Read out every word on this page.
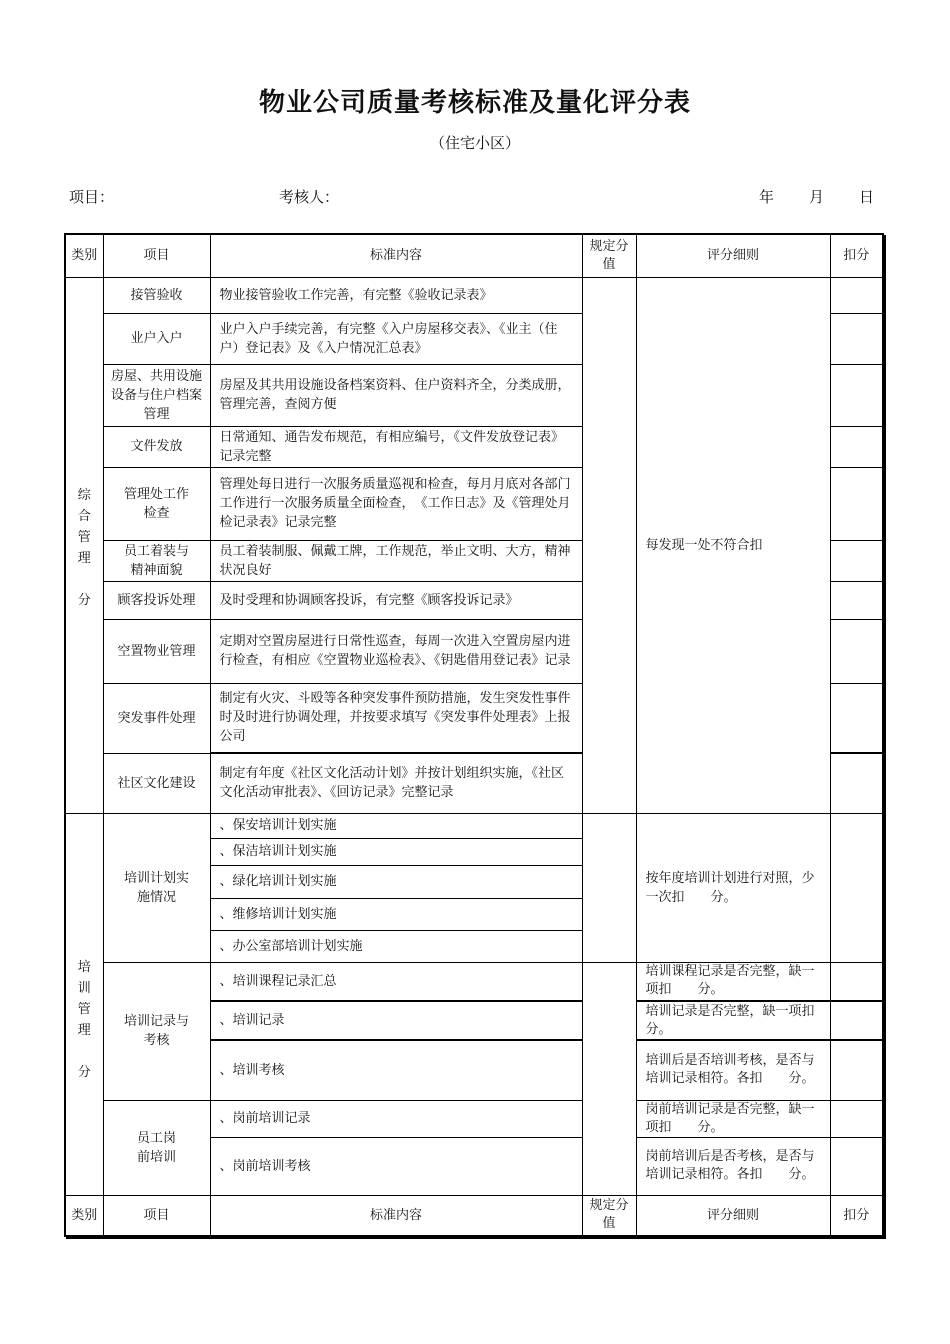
物业公司质量考核标准及量化评分表
（住宅小区）
项目：	考核人：	年 月 日
类别	项目	标准内容	规定分值	评分细则	扣分

综
合
管
理

分	接管验收	物业接管验收工作完善，有完整《验收记录表》		每发现一处不符合扣	
	业户入户	业户入户手续完善，有完整《入户房屋移交表》、《业主（住户）登记表》及《入户情况汇总表》			
	房屋、共用设施设备与住户档案管理	房屋及其共用设施设备档案资料、住户资料齐全，分类成册，管理完善，查阅方便			
	文件发放	日常通知、通告发布规范，有相应编号，《文件发放登记表》记录完整			
	管理处工作检查	管理处每日进行一次服务质量巡视和检查，每月月底对各部门工作进行一次服务质量全面检查，　《工作日志》及《管理处月检记录表》记录完整			
	员工着装与精神面貌	员工着装制服、佩戴工牌，工作规范，举止文明、大方，精神状况良好			
	顾客投诉处理	及时受理和协调顾客投诉，有完整《顾客投诉记录》			
	空置物业管理	定期对空置房屋进行日常性巡查，每周一次进入空置房屋内进行检查，有相应《空置物业巡检表》、《钥匙借用登记表》记录			
	突发事件处理	制定有火灾、斗殴等各种突发事件预防措施，发生突发性事件时及时进行协调处理，并按要求填写《突发事件处理表》上报公司			
	社区文化建设	制定有年度《社区文化活动计划》并按计划组织实施，《社区文化活动审批表》、《回访记录》完整记录			

培
训
管
理

分	培训计划实施情况	、保安培训计划实施		按年度培训计划进行对照，少一次扣　　分。	
		、保洁培训计划实施			
		、绿化培训计划实施			
		、维修培训计划实施			
		、办公室部培训计划实施			
	培训记录与考核	、培训课程记录汇总		培训课程记录是否完整，缺一项扣　　分。	
		、培训记录		培训记录是否完整，缺一项扣　　分。	
		、培训考核		培训后是否培训考核，是否与培训记录相符。各扣　　分。	
	员工岗前培训	、岗前培训记录		岗前培训记录是否完整，缺一项扣　　分。	
		、岗前培训考核		岗前培训后是否考核，是否与培训记录相符。各扣　　分。	
类别	项目	标准内容	规定分值	评分细则	扣分
